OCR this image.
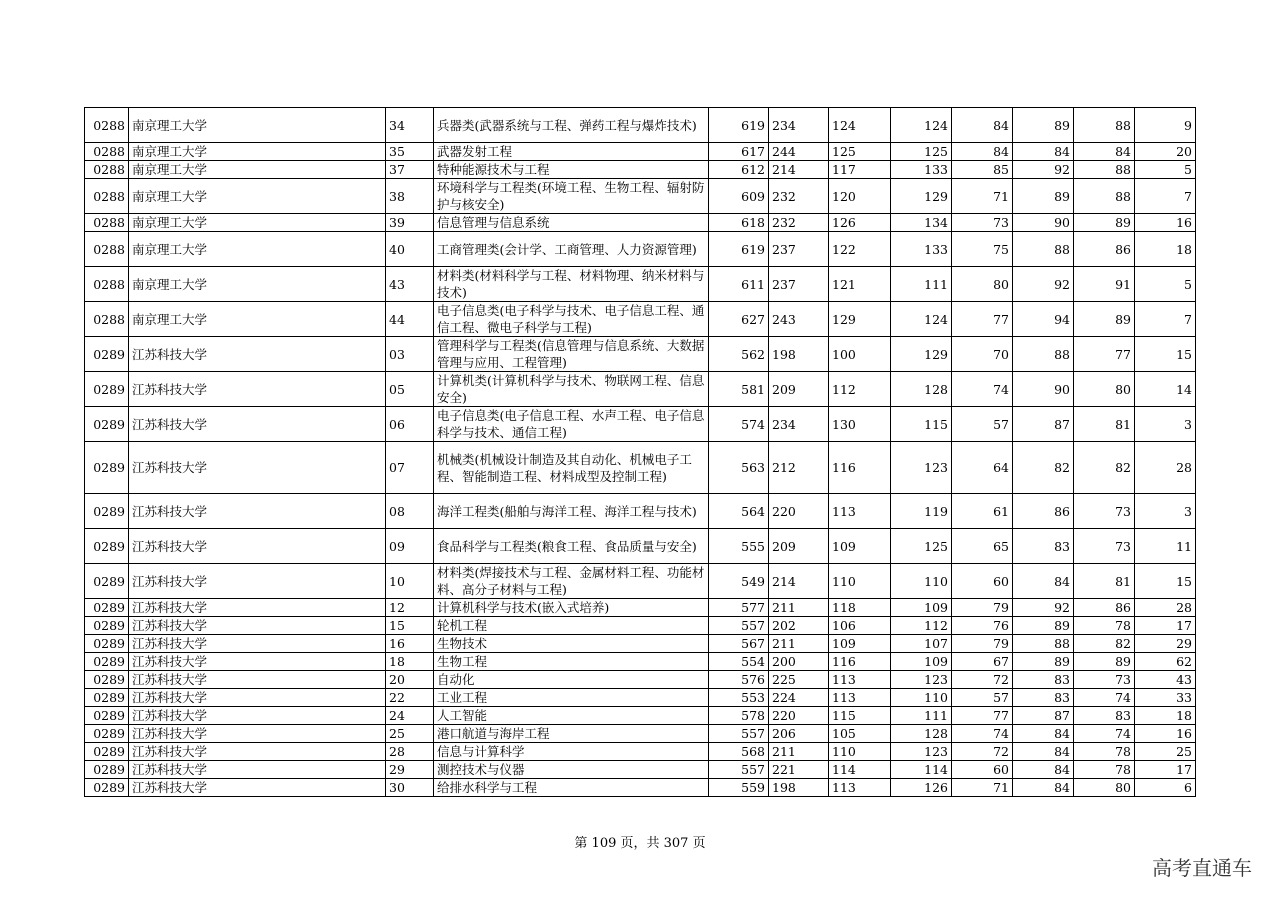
0288	南京理工大学	34	兵器类(武器系统与工程、弹药工程与爆炸技术)	619	234	124	124	84	89	88	9
0288	南京理工大学	35	武器发射工程	617	244	125	125	84	84	84	20
0288	南京理工大学	37	特种能源技术与工程	612	214	117	133	85	92	88	5
0288	南京理工大学	38	环境科学与工程类(环境工程、生物工程、辐射防护与核安全)	609	232	120	129	71	89	88	7
0288	南京理工大学	39	信息管理与信息系统	618	232	126	134	73	90	89	16
0288	南京理工大学	40	工商管理类(会计学、工商管理、人力资源管理)	619	237	122	133	75	88	86	18
0288	南京理工大学	43	材料类(材料科学与工程、材料物理、纳米材料与技术)	611	237	121	111	80	92	91	5
0288	南京理工大学	44	电子信息类(电子科学与技术、电子信息工程、通信工程、微电子科学与工程)	627	243	129	124	77	94	89	7
0289	江苏科技大学	03	管理科学与工程类(信息管理与信息系统、大数据管理与应用、工程管理)	562	198	100	129	70	88	77	15
0289	江苏科技大学	05	计算机类(计算机科学与技术、物联网工程、信息安全)	581	209	112	128	74	90	80	14
0289	江苏科技大学	06	电子信息类(电子信息工程、水声工程、电子信息科学与技术、通信工程)	574	234	130	115	57	87	81	3
0289	江苏科技大学	07	机械类(机械设计制造及其自动化、机械电子工程、智能制造工程、材料成型及控制工程)	563	212	116	123	64	82	82	28
0289	江苏科技大学	08	海洋工程类(船舶与海洋工程、海洋工程与技术)	564	220	113	119	61	86	73	3
0289	江苏科技大学	09	食品科学与工程类(粮食工程、食品质量与安全)	555	209	109	125	65	83	73	11
0289	江苏科技大学	10	材料类(焊接技术与工程、金属材料工程、功能材料、高分子材料与工程)	549	214	110	110	60	84	81	15
0289	江苏科技大学	12	计算机科学与技术(嵌入式培养)	577	211	118	109	79	92	86	28
0289	江苏科技大学	15	轮机工程	557	202	106	112	76	89	78	17
0289	江苏科技大学	16	生物技术	567	211	109	107	79	88	82	29
0289	江苏科技大学	18	生物工程	554	200	116	109	67	89	89	62
0289	江苏科技大学	20	自动化	576	225	113	123	72	83	73	43
0289	江苏科技大学	22	工业工程	553	224	113	110	57	83	74	33
0289	江苏科技大学	24	人工智能	578	220	115	111	77	87	83	18
0289	江苏科技大学	25	港口航道与海岸工程	557	206	105	128	74	84	74	16
0289	江苏科技大学	28	信息与计算科学	568	211	110	123	72	84	78	25
0289	江苏科技大学	29	测控技术与仪器	557	221	114	114	60	84	78	17
0289	江苏科技大学	30	给排水科学与工程	559	198	113	126	71	84	80	6
第 109 页，共 307 页
高考直通车
